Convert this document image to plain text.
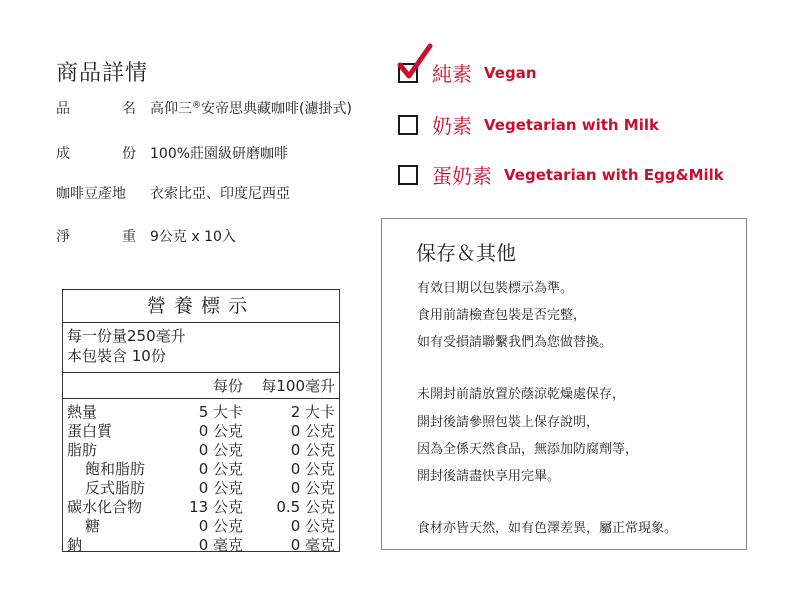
商品詳情
品	名 高仰三®安帝思典藏咖啡(濾掛式)
成	份 100%莊園級研磨咖啡
咖啡豆產地 衣索比亞、印度尼西亞
淨	重 9公克 x 10入
純素 Vegan
奶素 Vegetarian with Milk
蛋奶素 Vegetarian with Egg&Milk
營養標示
每一份量250毫升
本包裝含 10份
每份	每100毫升
熱量	5 大卡	2 大卡
蛋白質	0 公克	0 公克
脂肪	0 公克	0 公克
飽和脂肪	0 公克	0 公克
反式脂肪	0 公克	0 公克
碳水化合物	13 公克	0.5 公克
糖	0 公克	0 公克
鈉	0 毫克	0 毫克
保存＆其他
有效日期以包裝標示為準。
食用前請檢查包裝是否完整，
如有受損請聯繫我們為您做替換。
未開封前請放置於蔭涼乾燥處保存，
開封後請參照包裝上保存說明，
因為全係天然食品，無添加防腐劑等，
開封後請盡快享用完畢。
食材亦皆天然，如有色澤差異，屬正常現象。
